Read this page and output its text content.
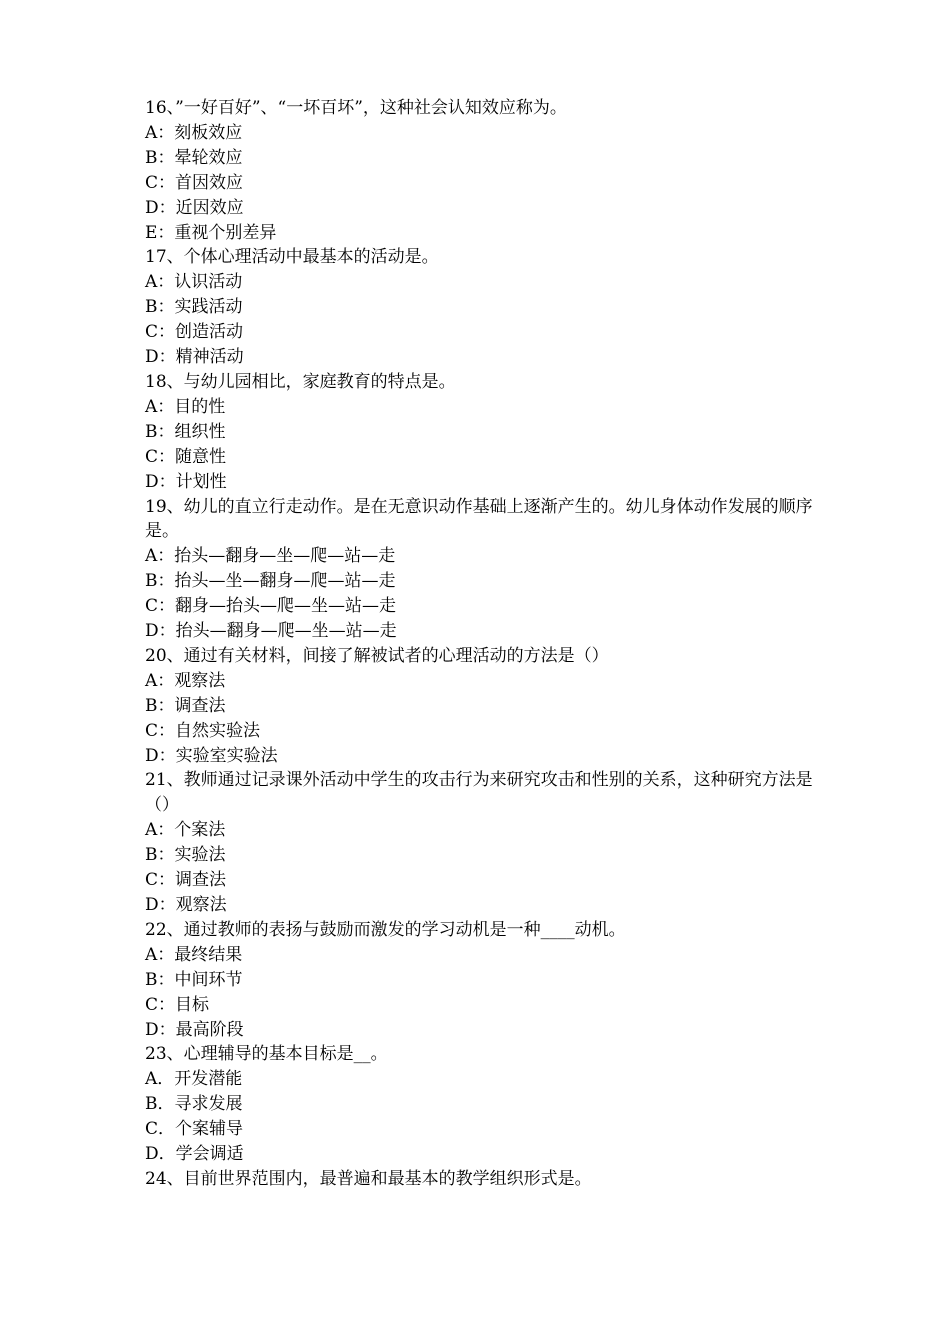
16、”一好百好”、“一坏百坏”，这种社会认知效应称为。

A：刻板效应

B：晕轮效应

C：首因效应

D：近因效应

E：重视个别差异

17、个体心理活动中最基本的活动是。

A：认识活动

B：实践活动

C：创造活动

D：精神活动

18、与幼儿园相比，家庭教育的特点是。

A：目的性

B：组织性

C：随意性

D：计划性

19、幼儿的直立行走动作。是在无意识动作基础上逐渐产生的。幼儿身体动作发展的顺序是。

A：抬头—翻身—坐—爬—站—走

B：抬头—坐—翻身—爬—站—走

C：翻身—抬头—爬—坐—站—走

D：抬头—翻身—爬—坐—站—走

20、通过有关材料，间接了解被试者的心理活动的方法是（）

A：观察法

B：调查法

C：自然实验法

D：实验室实验法

21、教师通过记录课外活动中学生的攻击行为来研究攻击和性别的关系，这种研究方法是（）

A：个案法

B：实验法

C：调查法

D：观察法

22、通过教师的表扬与鼓励而激发的学习动机是一种____动机。

A：最终结果

B：中间环节

C：目标

D：最高阶段

23、心理辅导的基本目标是__。

A．开发潜能

B．寻求发展

C．个案辅导

D．学会调适

24、目前世界范围内，最普遍和最基本的教学组织形式是。
